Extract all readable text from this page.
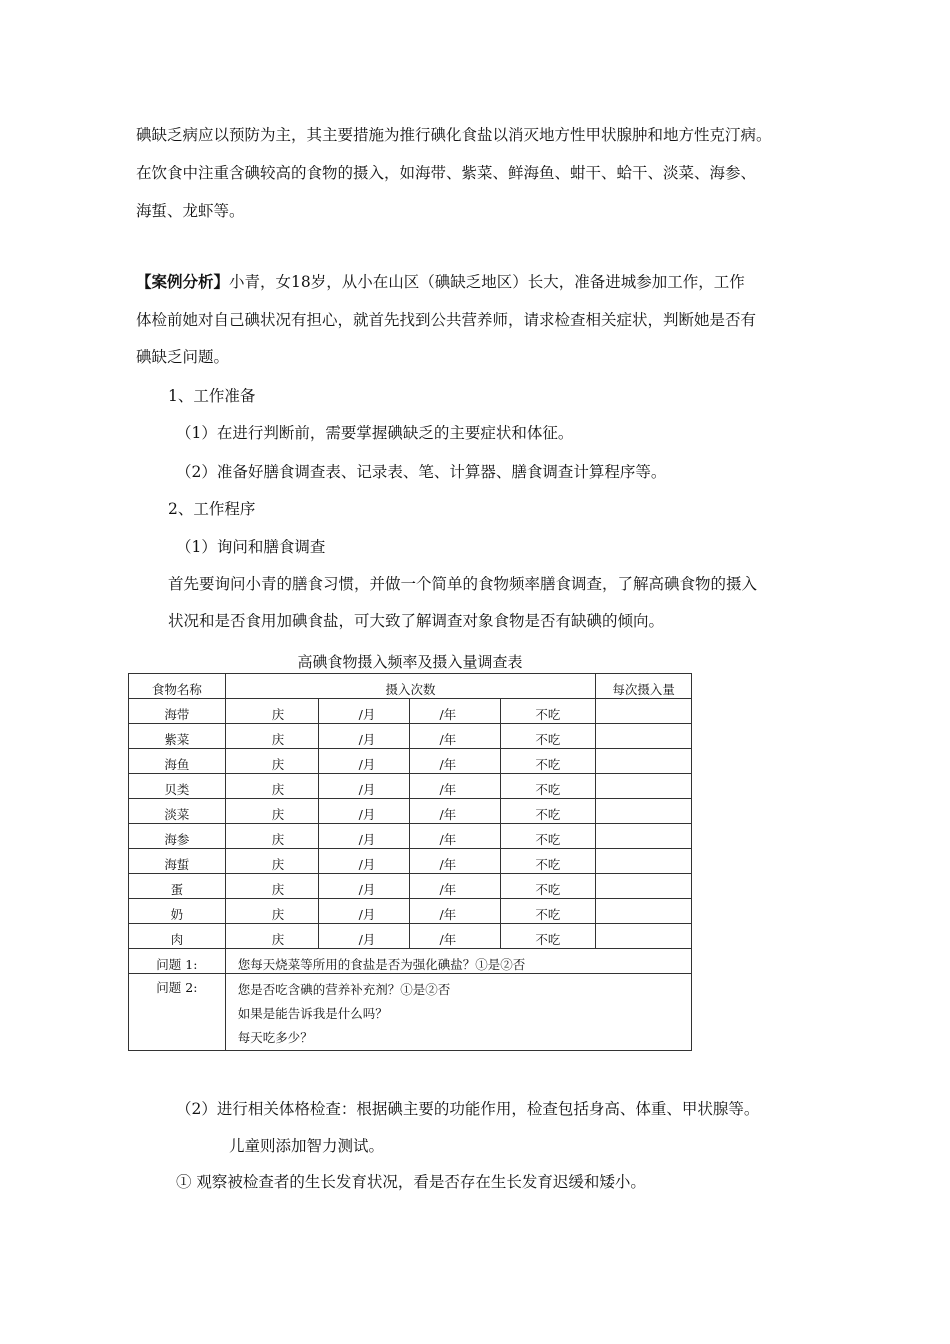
碘缺乏病应以预防为主，其主要措施为推行碘化食盐以消灭地方性甲状腺肿和地方性克汀病。
在饮食中注重含碘较高的食物的摄入，如海带、紫菜、鲜海鱼、蚶干、蛤干、淡菜、海参、
海蜇、龙虾等。
【案例分析】小青，女18岁，从小在山区（碘缺乏地区）长大，准备进城参加工作，工作
体检前她对自己碘状况有担心，就首先找到公共营养师，请求检查相关症状，判断她是否有
碘缺乏问题。
1、工作准备
（1）在进行判断前，需要掌握碘缺乏的主要症状和体征。
（2）准备好膳食调查表、记录表、笔、计算器、膳食调查计算程序等。
2、工作程序
（1）询问和膳食调查
首先要询问小青的膳食习惯，并做一个简单的食物频率膳食调查，了解高碘食物的摄入
状况和是否食用加碘食盐，可大致了解调查对象食物是否有缺碘的倾向。
高碘食物摄入频率及摄入量调查表
食物名称	摄入次数				每次摄入量
海带	庆	/月	/年	不吃	
紫菜	庆	/月	/年	不吃	
海鱼	庆	/月	/年	不吃	
贝类	庆	/月	/年	不吃	
淡菜	庆	/月	/年	不吃	
海参	庆	/月	/年	不吃	
海蜇	庆	/月	/年	不吃	
蛋	庆	/月	/年	不吃	
奶	庆	/月	/年	不吃	
肉	庆	/月	/年	不吃	
问题 1:	您每天烧菜等所用的食盐是否为强化碘盐？①是②否				
问题 2:	您是否吃含碘的营养补充剂？①是②否
如果是能告诉我是什么吗？
每天吃多少？				
（2）进行相关体格检查：根据碘主要的功能作用，检查包括身高、体重、甲状腺等。
儿童则添加智力测试。
① 观察被检查者的生长发育状况，看是否存在生长发育迟缓和矮小。
